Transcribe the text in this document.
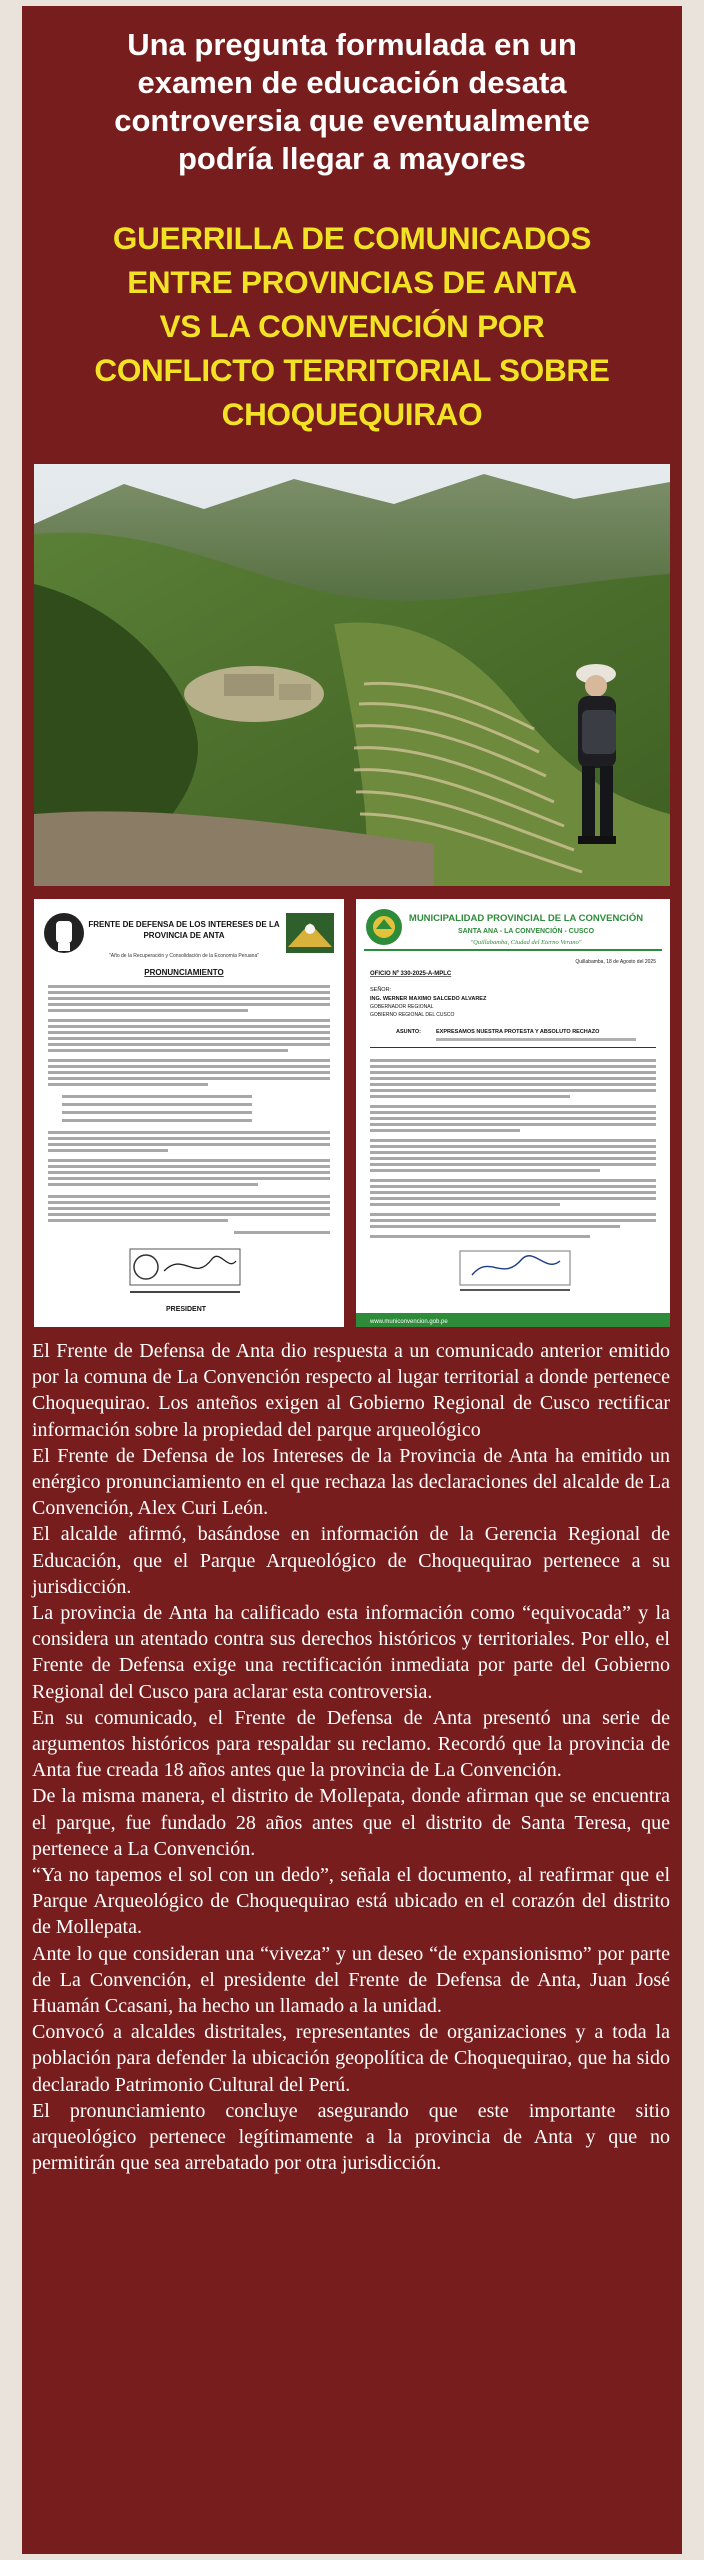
Una pregunta formulada en un
examen de educación desata
controversia que eventualmente
podría llegar a mayores
GUERRILLA DE COMUNICADOS
ENTRE PROVINCIAS DE ANTA
VS LA CONVENCIÓN POR
CONFLICTO TERRITORIAL SOBRE
CHOQUEQUIRAO
FRENTE DE DEFENSA DE LOS INTERESES DE LA
PROVINCIA DE ANTA
"Año de la Recuperación y Consolidación de la Economía Peruana"
PRONUNCIAMIENTO
PRESIDENT
MUNICIPALIDAD PROVINCIAL DE LA CONVENCIÓN
SANTA ANA - LA CONVENCIÓN - CUSCO
"Quillabamba, Ciudad del Eterno Verano"
Quillabamba, 18 de Agosto del 2025
OFICIO Nº 330-2025-A-MPLC
SEÑOR:
ING. WERNER MAXIMO SALCEDO ALVAREZ
GOBERNADOR REGIONAL
GOBIERNO REGIONAL DEL CUSCO
ASUNTO:	EXPRESAMOS NUESTRA PROTESTA Y ABSOLUTO RECHAZO
www.municonvencion.gob.pe

El Frente de Defensa de Anta dio respuesta a un comunicado anterior emitido por la comuna de La Convención respecto al lugar territorial a donde pertenece Choquequirao. Los anteños exigen al Gobierno Regional de Cusco rectificar información sobre la propiedad del parque arqueológico

El Frente de Defensa de los Intereses de la Provincia de Anta ha emitido un enérgico pronunciamiento en el que rechaza las declaraciones del alcalde de La Convención, Alex Curi León.

El alcalde afirmó, basándose en información de la Gerencia Regional de Educación, que el Parque Arqueológico de Choquequirao pertenece a su jurisdicción.

La provincia de Anta ha calificado esta información como “equivocada” y la considera un atentado contra sus derechos históricos y territoriales. Por ello, el Frente de Defensa exige una rectificación inmediata por parte del Gobierno Regional del Cusco para aclarar esta controversia.

En su comunicado, el Frente de Defensa de Anta presentó una serie de argumentos históricos para respaldar su reclamo. Recordó que la provincia de Anta fue creada 18 años antes que la provincia de La Convención.

De la misma manera, el distrito de Mollepata, donde afirman que se encuentra el parque, fue fundado 28 años antes que el distrito de Santa Teresa, que pertenece a La Convención.

“Ya no tapemos el sol con un dedo”, señala el documento, al reafirmar que el Parque Arqueológico de Choquequirao está ubicado en el corazón del distrito de Mollepata.

Ante lo que consideran una “viveza” y un deseo “de expansionismo” por parte de La Convención, el presidente del Frente de Defensa de Anta, Juan José Huamán Ccasani, ha hecho un llamado a la unidad.

Convocó a alcaldes distritales, representantes de organizaciones y a toda la población para defender la ubicación geopolítica de Choquequirao, que ha sido declarado Patrimonio Cultural del Perú.

El pronunciamiento concluye asegurando que este importante sitio arqueológico pertenece legítimamente a la provincia de Anta y que no permitirán que sea arrebatado por otra jurisdicción.
